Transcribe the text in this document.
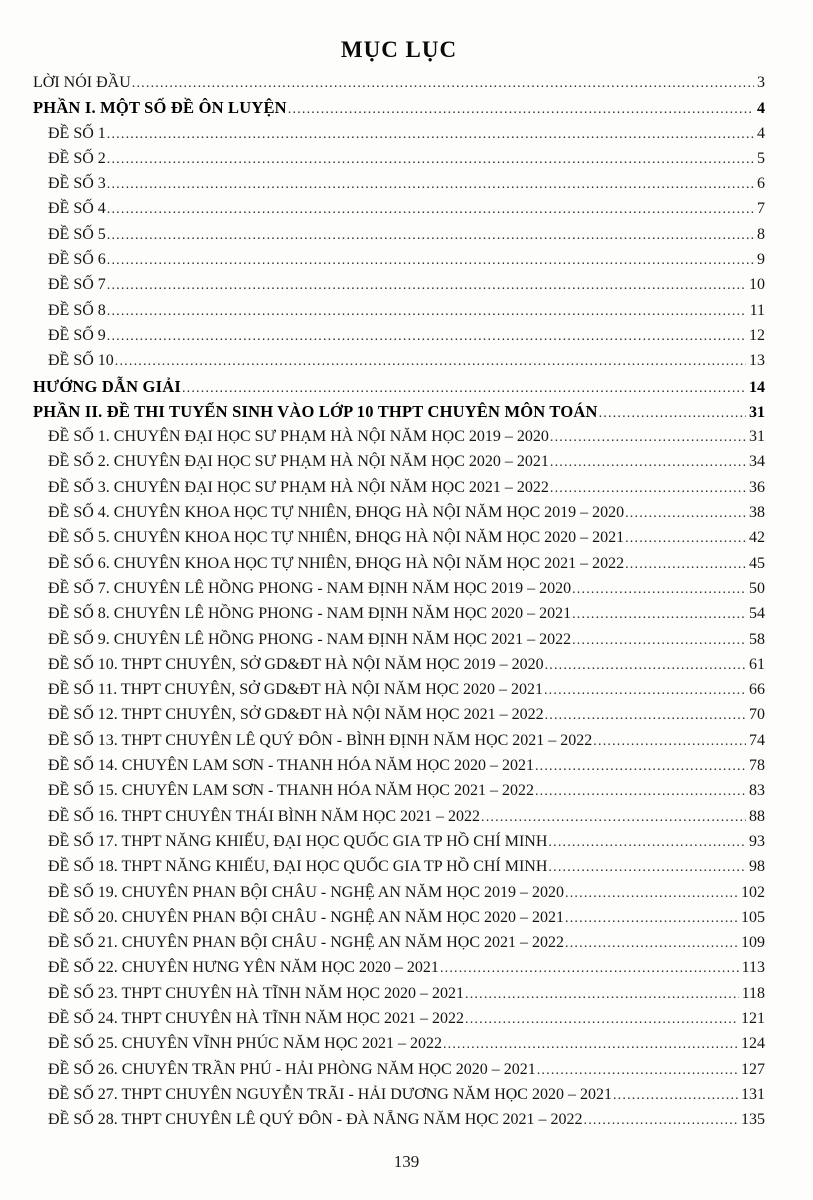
MỤC LỤC
LỜI NÓI ĐẦU .....	3
PHẦN I. MỘT SỐ ĐỀ ÔN LUYỆN .....	4
ĐỀ SỐ 1 .....	4
ĐỀ SỐ 2 .....	5
ĐỀ SỐ 3 .....	6
ĐỀ SỐ 4 .....	7
ĐỀ SỐ 5 .....	8
ĐỀ SỐ 6 .....	9
ĐỀ SỐ 7 .....	10
ĐỀ SỐ 8 .....	11
ĐỀ SỐ 9 .....	12
ĐỀ SỐ 10 .....	13
HƯỚNG DẪN GIẢI .....	14
PHẦN II. ĐỀ THI TUYỂN SINH VÀO LỚP 10 THPT CHUYÊN MÔN TOÁN .....	31
ĐỀ SỐ 1. CHUYÊN ĐẠI HỌC SƯ PHẠM HÀ NỘI NĂM HỌC 2019 – 2020 .....	31
ĐỀ SỐ 2. CHUYÊN ĐẠI HỌC SƯ PHẠM HÀ NỘI NĂM HỌC 2020 – 2021 .....	34
ĐỀ SỐ 3. CHUYÊN ĐẠI HỌC SƯ PHẠM HÀ NỘI NĂM HỌC 2021 – 2022 .....	36
ĐỀ SỐ 4. CHUYÊN KHOA HỌC TỰ NHIÊN, ĐHQG HÀ NỘI NĂM HỌC 2019 – 2020 .....	38
ĐỀ SỐ 5. CHUYÊN KHOA HỌC TỰ NHIÊN, ĐHQG HÀ NỘI NĂM HỌC 2020 – 2021 .....	42
ĐỀ SỐ 6. CHUYÊN KHOA HỌC TỰ NHIÊN, ĐHQG HÀ NỘI NĂM HỌC 2021 – 2022 .....	45
ĐỀ SỐ 7. CHUYÊN LÊ HỒNG PHONG - NAM ĐỊNH NĂM HỌC 2019 – 2020 .....	50
ĐỀ SỐ 8. CHUYÊN LÊ HỒNG PHONG - NAM ĐỊNH NĂM HỌC 2020 – 2021 .....	54
ĐỀ SỐ 9. CHUYÊN LÊ HỒNG PHONG - NAM ĐỊNH NĂM HỌC 2021 – 2022 .....	58
ĐỀ SỐ 10. THPT CHUYÊN, SỞ GD&ĐT HÀ NỘI NĂM HỌC 2019 – 2020 .....	61
ĐỀ SỐ 11. THPT CHUYÊN, SỞ GD&ĐT HÀ NỘI NĂM HỌC 2020 – 2021 .....	66
ĐỀ SỐ 12. THPT CHUYÊN, SỞ GD&ĐT HÀ NỘI NĂM HỌC 2021 – 2022 .....	70
ĐỀ SỐ 13. THPT CHUYÊN LÊ QUÝ ĐÔN - BÌNH ĐỊNH NĂM HỌC 2021 – 2022 .....	74
ĐỀ SỐ 14. CHUYÊN LAM SƠN - THANH HÓA NĂM HỌC 2020 – 2021 .....	78
ĐỀ SỐ 15. CHUYÊN LAM SƠN - THANH HÓA NĂM HỌC 2021 – 2022 .....	83
ĐỀ SỐ 16. THPT CHUYÊN THÁI BÌNH NĂM HỌC 2021 – 2022 .....	88
ĐỀ SỐ 17. THPT NĂNG KHIẾU, ĐẠI HỌC QUỐC GIA TP HỒ CHÍ MINH .....	93
ĐỀ SỐ 18. THPT NĂNG KHIẾU, ĐẠI HỌC QUỐC GIA TP HỒ CHÍ MINH .....	98
ĐỀ SỐ 19. CHUYÊN PHAN BỘI CHÂU - NGHỆ AN NĂM HỌC 2019 – 2020 .....	102
ĐỀ SỐ 20. CHUYÊN PHAN BỘI CHÂU - NGHỆ AN NĂM HỌC 2020 – 2021 .....	105
ĐỀ SỐ 21. CHUYÊN PHAN BỘI CHÂU - NGHỆ AN NĂM HỌC 2021 – 2022 .....	109
ĐỀ SỐ 22. CHUYÊN HƯNG YÊN NĂM HỌC 2020 – 2021 .....	113
ĐỀ SỐ 23. THPT CHUYÊN HÀ TĨNH NĂM HỌC 2020 – 2021 .....	118
ĐỀ SỐ 24. THPT CHUYÊN HÀ TĨNH NĂM HỌC 2021 – 2022 .....	121
ĐỀ SỐ 25. CHUYÊN VĨNH PHÚC NĂM HỌC 2021 – 2022 .....	124
ĐỀ SỐ 26. CHUYÊN TRẦN PHÚ - HẢI PHÒNG NĂM HỌC 2020 – 2021 .....	127
ĐỀ SỐ 27. THPT CHUYÊN NGUYỄN TRÃI - HẢI DƯƠNG NĂM HỌC 2020 – 2021 .....	131
ĐỀ SỐ 28. THPT CHUYÊN LÊ QUÝ ĐÔN - ĐÀ NẴNG NĂM HỌC 2021 – 2022 .....	135
139
